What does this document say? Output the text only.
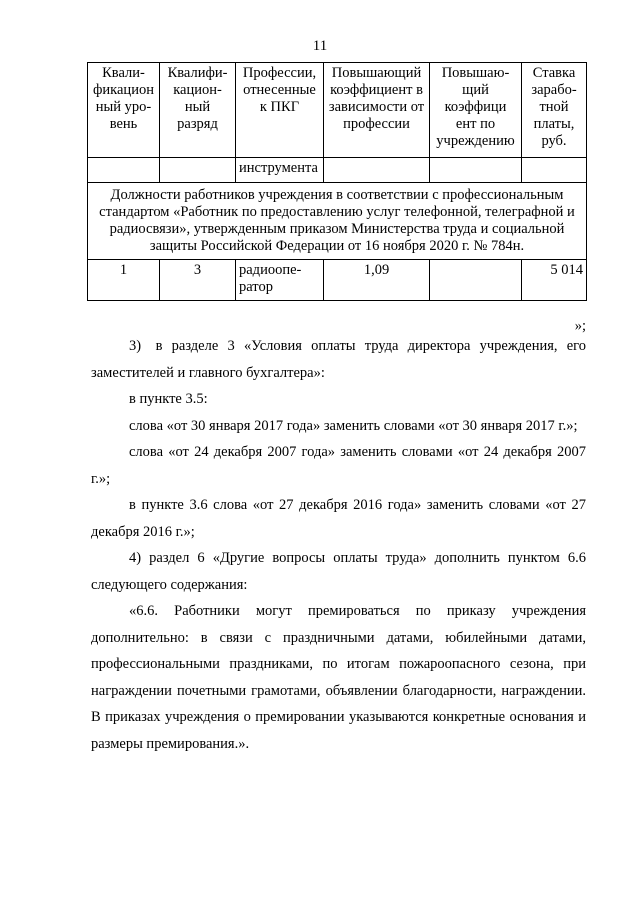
11
Квали-фикацион ный уро-вень	Квалифи-кацион-ный разряд	Профессии, отнесенные к ПКГ	Повышающий коэффициент в зависимости от профессии	Повышаю-щий коэффици ент по учреждению	Ставка зарабо-тной платы, руб.
		инструмента			
Должности работников учреждения в соответствии с профессиональным стандартом «Работник по предоставлению услуг телефонной, телеграфной и радиосвязи», утвержденным приказом Министерства труда и социальной защиты Российской Федерации от 16 ноября 2020 г. № 784н.					
1	3	радиоопе-ратор	1,09		5 014
»;

3) в разделе 3 «Условия оплаты труда директора учреждения, его заместителей и главного бухгалтера»:

в пункте 3.5:

слова «от 30 января 2017 года» заменить словами «от 30 января 2017 г.»;

слова «от 24 декабря 2007 года» заменить словами «от 24 декабря 2007 г.»;

в пункте 3.6 слова «от 27 декабря 2016 года» заменить словами «от 27 декабря 2016 г.»;

4) раздел 6 «Другие вопросы оплаты труда» дополнить пунктом 6.6 следующего содержания:

«6.6. Работники могут премироваться по приказу учреждения дополнительно: в связи с праздничными датами, юбилейными датами, профессиональными праздниками, по итогам пожароопасного сезона, при награждении почетными грамотами, объявлении благодарности, награждении. В приказах учреждения о премировании указываются конкретные основания и размеры премирования.».
